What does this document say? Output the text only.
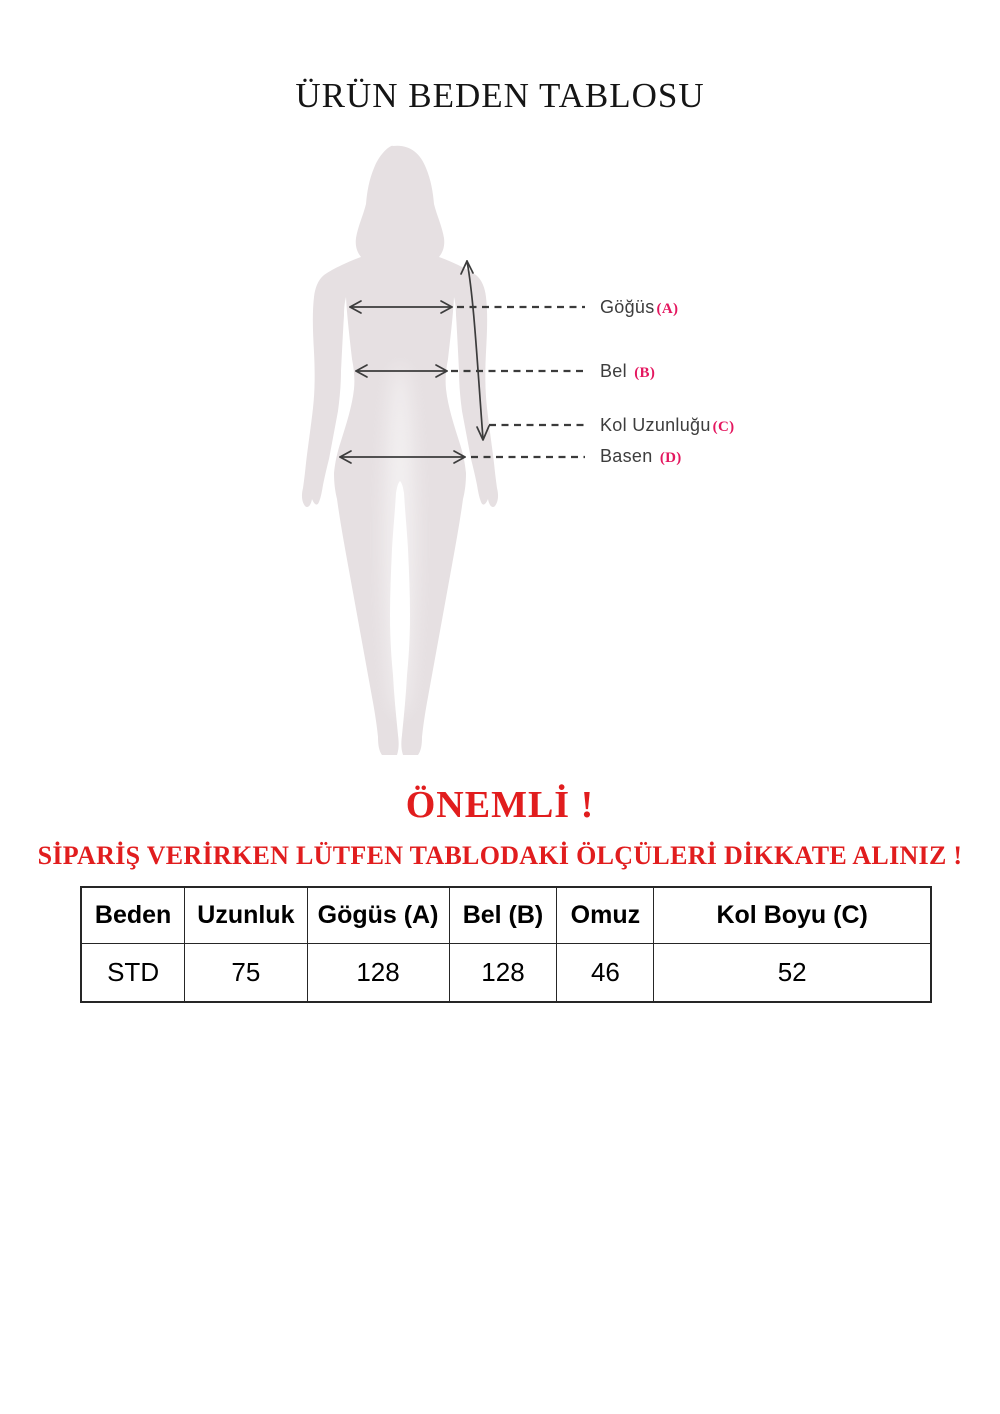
ÜRÜN BEDEN TABLOSU
Göğüs (A)
Bel (B)
Kol Uzunluğu (C)
Basen (D)
ÖNEMLİ !
SİPARİŞ VERİRKEN LÜTFEN TABLODAKİ ÖLÇÜLERİ DİKKATE ALINIZ !
Beden	Uzunluk	Gögüs (A)	Bel (B)	Omuz	Kol Boyu (C)
STD	75	128	128	46	52
